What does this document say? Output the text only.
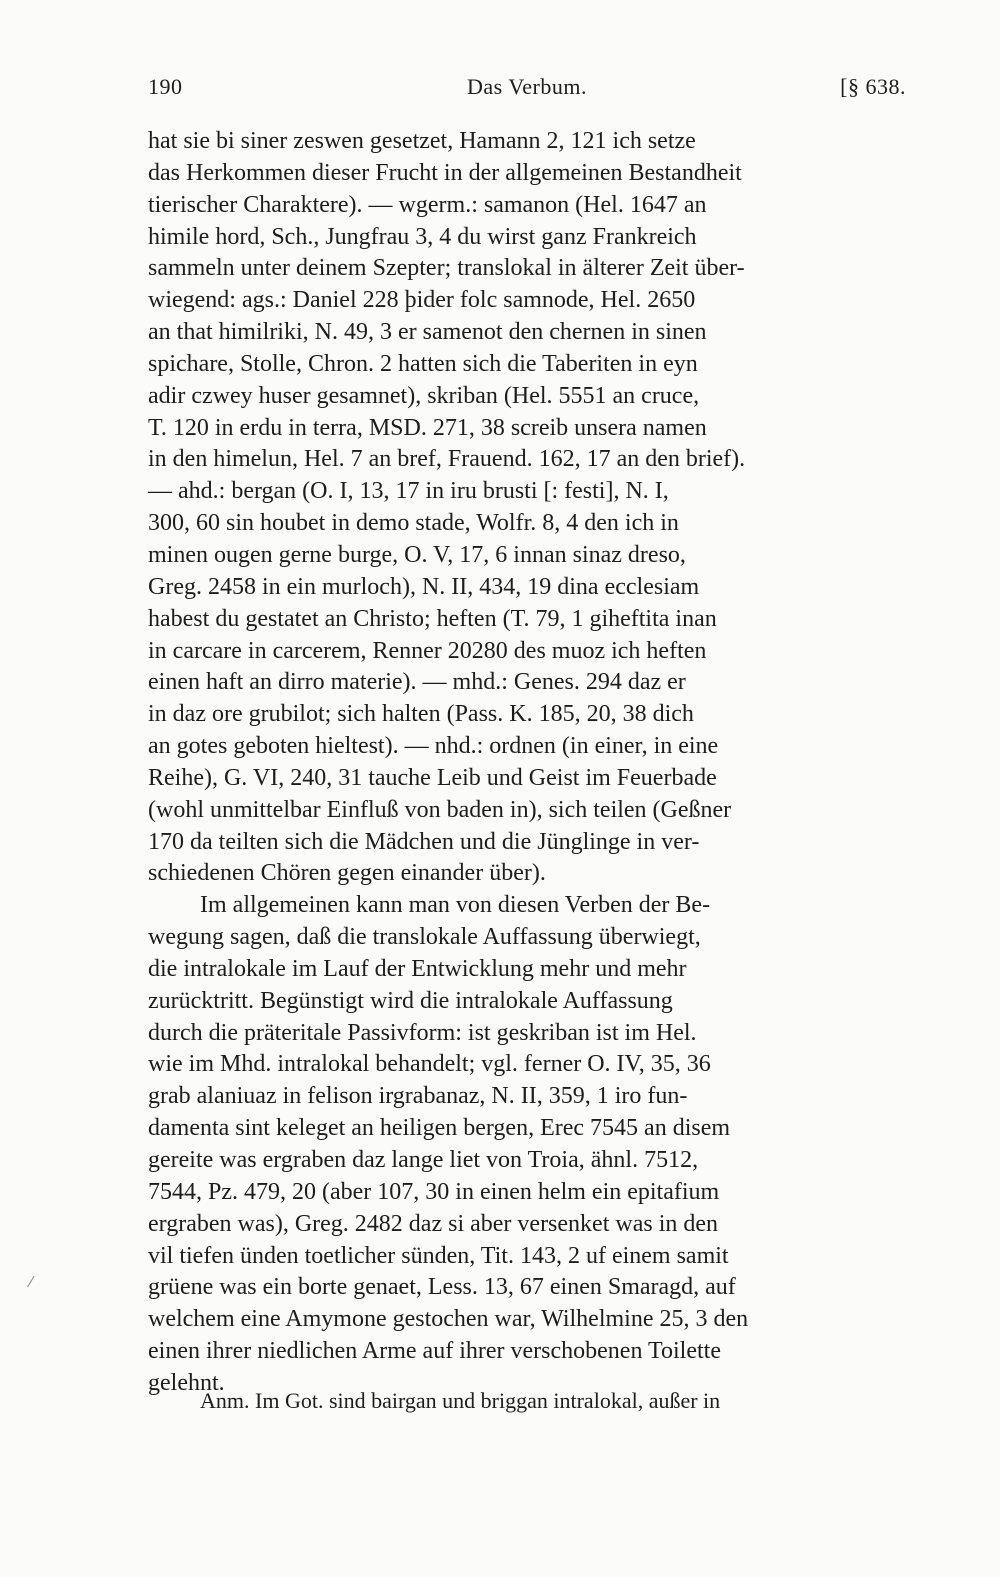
190	Das Verbum.	[§ 638.
hat sie bi siner zeswen gesetzet, Hamann 2, 121 ich setze
das Herkommen dieser Frucht in der allgemeinen Bestandheit
tierischer Charaktere). — wgerm.: samanon (Hel. 1647 an
himile hord, Sch., Jungfrau 3, 4 du wirst ganz Frankreich
sammeln unter deinem Szepter; translokal in älterer Zeit über-
wiegend: ags.: Daniel 228 þider folc samnode, Hel. 2650
an that himilriki, N. 49, 3 er samenot den chernen in sinen
spichare, Stolle, Chron. 2 hatten sich die Taberiten in eyn
adir czwey huser gesamnet), skriban (Hel. 5551 an cruce,
T. 120 in erdu in terra, MSD. 271, 38 screib unsera namen
in den himelun, Hel. 7 an bref, Frauend. 162, 17 an den brief).
— ahd.: bergan (O. I, 13, 17 in iru brusti [: festi], N. I,
300, 60 sin houbet in demo stade, Wolfr. 8, 4 den ich in
minen ougen gerne burge, O. V, 17, 6 innan sinaz dreso,
Greg. 2458 in ein murloch), N. II, 434, 19 dina ecclesiam
habest du gestatet an Christo; heften (T. 79, 1 giheftita inan
in carcare in carcerem, Renner 20280 des muoz ich heften
einen haft an dirro materie). — mhd.: Genes. 294 daz er
in daz ore grubilot; sich halten (Pass. K. 185, 20, 38 dich
an gotes geboten hieltest). — nhd.: ordnen (in einer, in eine
Reihe), G. VI, 240, 31 tauche Leib und Geist im Feuerbade
(wohl unmittelbar Einfluß von baden in), sich teilen (Geßner
170 da teilten sich die Mädchen und die Jünglinge in ver-
schiedenen Chören gegen einander über).
Im allgemeinen kann man von diesen Verben der Be-
wegung sagen, daß die translokale Auffassung überwiegt,
die intralokale im Lauf der Entwicklung mehr und mehr
zurücktritt. Begünstigt wird die intralokale Auffassung
durch die präteritale Passivform: ist geskriban ist im Hel.
wie im Mhd. intralokal behandelt; vgl. ferner O. IV, 35, 36
grab alaniuaz in felison irgrabanaz, N. II, 359, 1 iro fun-
damenta sint keleget an heiligen bergen, Erec 7545 an disem
gereite was ergraben daz lange liet von Troia, ähnl. 7512,
7544, Pz. 479, 20 (aber 107, 30 in einen helm ein epitafium
ergraben was), Greg. 2482 daz si aber versenket was in den
vil tiefen ünden toetlicher sünden, Tit. 143, 2 uf einem samit
grüene was ein borte genaet, Less. 13, 67 einen Smaragd, auf
welchem eine Amymone gestochen war, Wilhelmine 25, 3 den
einen ihrer niedlichen Arme auf ihrer verschobenen Toilette
gelehnt.
Anm. Im Got. sind bairgan und briggan intralokal, außer in
/
